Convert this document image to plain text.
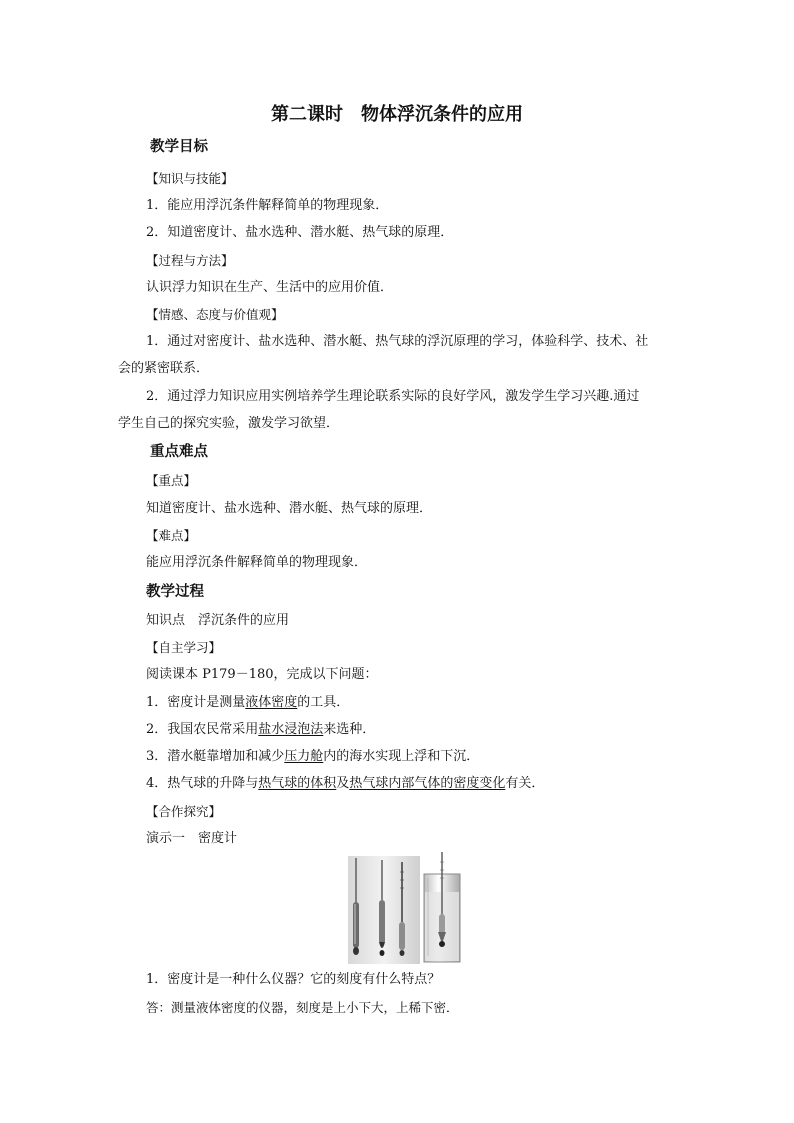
第二课时　物体浮沉条件的应用
教学目标
【知识与技能】
1．能应用浮沉条件解释简单的物理现象．
2．知道密度计、盐水选种、潜水艇、热气球的原理．
【过程与方法】
认识浮力知识在生产、生活中的应用价值．
【情感、态度与价值观】
1．通过对密度计、盐水选种、潜水艇、热气球的浮沉原理的学习，体验科学、技术、社
会的紧密联系．
2．通过浮力知识应用实例培养学生理论联系实际的良好学风，激发学生学习兴趣.通过
学生自己的探究实验，激发学习欲望．
重点难点
【重点】
知道密度计、盐水选种、潜水艇、热气球的原理．
【难点】
能应用浮沉条件解释简单的物理现象．
教学过程
知识点　浮沉条件的应用
【自主学习】
阅读课本 P179－180，完成以下问题：
1．密度计是测量液体密度的工具．
2．我国农民常采用盐水浸泡法来选种．
3．潜水艇靠增加和减少压力舱内的海水实现上浮和下沉．
4．热气球的升降与热气球的体积及热气球内部气体的密度变化有关．
【合作探究】
演示一　密度计
1．密度计是一种什么仪器？它的刻度有什么特点？
答：测量液体密度的仪器，刻度是上小下大，上稀下密．
